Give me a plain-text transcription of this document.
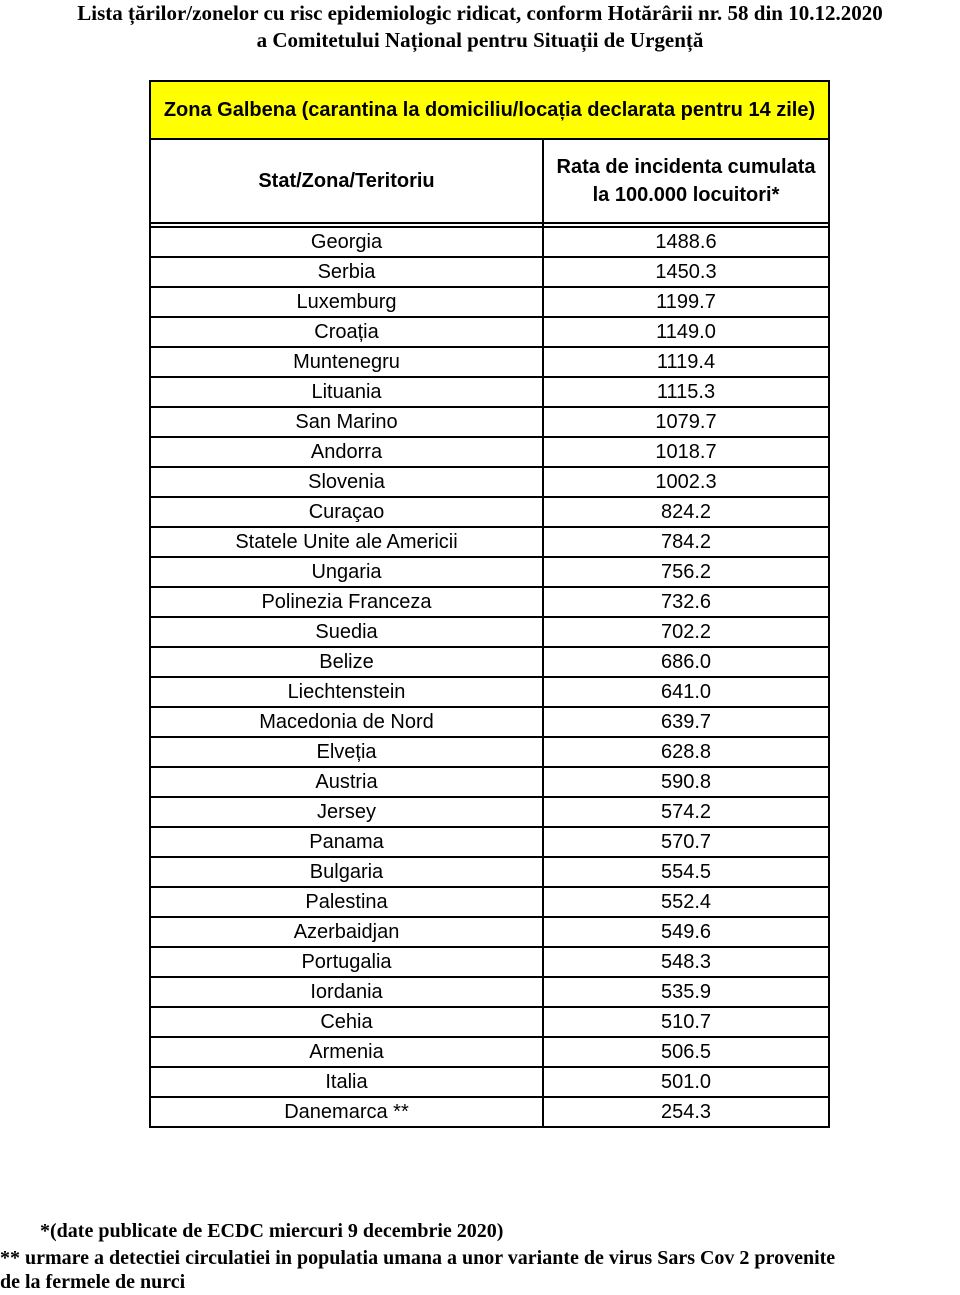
Lista țărilor/zonelor cu risc epidemiologic ridicat, conform Hotărârii nr. 58 din 10.12.2020
a Comitetului Național pentru Situații de Urgență
Zona Galbena (carantina la domiciliu/locația declarata pentru 14 zile)	
Stat/Zona/Teritoriu	Rata de incidenta cumulata
la 100.000 locuitori*

Georgia	1488.6
Serbia	1450.3
Luxemburg	1199.7
Croația	1149.0
Muntenegru	1119.4
Lituania	1115.3
San Marino	1079.7
Andorra	1018.7
Slovenia	1002.3
Curaçao	824.2
Statele Unite ale Americii	784.2
Ungaria	756.2
Polinezia Franceza	732.6
Suedia	702.2
Belize	686.0
Liechtenstein	641.0
Macedonia de Nord	639.7
Elveția	628.8
Austria	590.8
Jersey	574.2
Panama	570.7
Bulgaria	554.5
Palestina	552.4
Azerbaidjan	549.6
Portugalia	548.3
Iordania	535.9
Cehia	510.7
Armenia	506.5
Italia	501.0
Danemarca **	254.3
*(date publicate de ECDC miercuri 9 decembrie 2020)
** urmare a detectiei circulatiei in populatia umana a unor variante de virus Sars Cov 2 provenite
de la fermele de nurci
